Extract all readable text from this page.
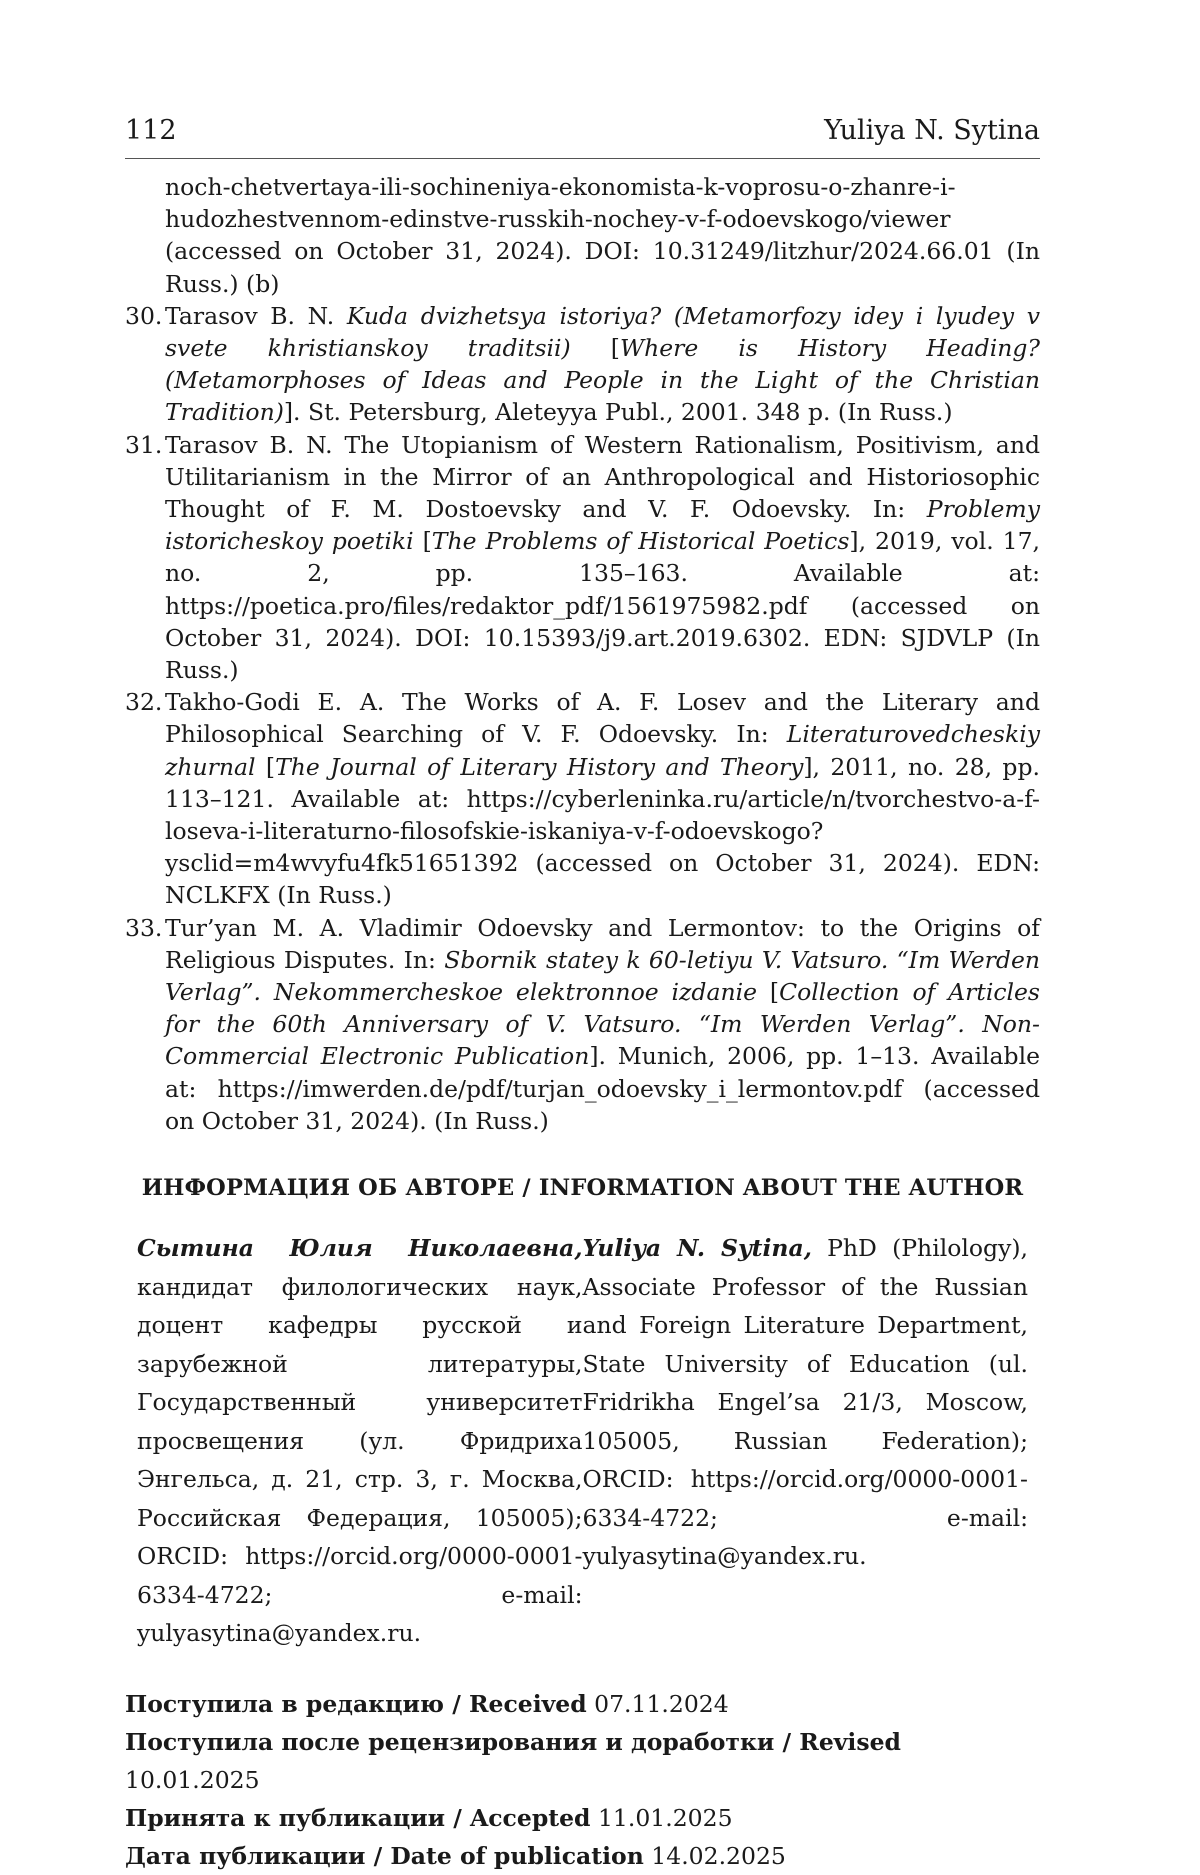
112	Yuliya N. Sytina
noch-chetvertaya-ili-sochineniya-ekonomista-k-voprosu-o-zhanre-i-hudozhestvennom-edinstve-russkih-nochey-v-f-odoevskogo/viewer (accessed on October 31, 2024). DOI: 10.31249/litzhur/2024.66.01 (In Russ.) (b)
30. Tarasov B. N. Kuda dvizhetsya istoriya? (Metamorfozy idey i lyudey v svete khristianskoy traditsii) [Where is History Heading? (Metamorphoses of Ideas and People in the Light of the Christian Tradition)]. St. Petersburg, Aleteyya Publ., 2001. 348 p. (In Russ.)
31. Tarasov B. N. The Utopianism of Western Rationalism, Positivism, and Utilitarianism in the Mirror of an Anthropological and Historiosophic Thought of F. M. Dostoevsky and V. F. Odoevsky. In: Problemy istoricheskoy poetiki [The Problems of Historical Poetics], 2019, vol. 17, no. 2, pp. 135–163. Available at: https://poetica.pro/files/redaktor_pdf/1561975982.pdf (accessed on October 31, 2024). DOI: 10.15393/j9.art.2019.6302. EDN: SJDVLP (In Russ.)
32. Takho-Godi E. A. The Works of A. F. Losev and the Literary and Philosophical Searching of V. F. Odoevsky. In: Literaturovedcheskiy zhurnal [The Journal of Literary History and Theory], 2011, no. 28, pp. 113–121. Available at: https://cyberleninka.ru/article/n/tvorchestvo-a-f-loseva-i-literaturno-filosofskie-iskaniya-v-f-odoevskogo?ysclid=m4wvyfu4fk51651392 (accessed on October 31, 2024). EDN: NCLKFX (In Russ.)
33. Tur’yan M. A. Vladimir Odoevsky and Lermontov: to the Origins of Religious Disputes. In: Sbornik statey k 60-letiyu V. Vatsuro. “Im Werden Verlag”. Nekommercheskoe elektronnoe izdanie [Collection of Articles for the 60th Anniversary of V. Vatsuro. “Im Werden Verlag”. Non-Commercial Electronic Publication]. Munich, 2006, pp. 1–13. Available at: https://imwerden.de/pdf/turjan_odoevsky_i_lermontov.pdf (accessed on October 31, 2024). (In Russ.)
ИНФОРМАЦИЯ ОБ АВТОРЕ / INFORMATION ABOUT THE AUTHOR
Сытина Юлия Николаевна, кандидат филологических наук, доцент кафедры русской и зарубежной литературы, Государственный университет просвещения (ул. Фридриха Энгельса, д. 21, стр. 3, г. Москва, Российская Федерация, 105005); ORCID: https://orcid.org/0000-0001-6334-4722; e-mail: yulyasytina@yandex.ru.
Yuliya N. Sytina, PhD (Philology), Associate Professor of the Russian and Foreign Literature Department, State University of Education (ul. Fridrikha Engel’sa 21/3, Moscow, 105005, Russian Federation); ORCID: https://orcid.org/0000-0001-6334-4722; e-mail: yulyasytina@yandex.ru.
Поступила в редакцию / Received 07.11.2024
Поступила после рецензирования и доработки / Revised 10.01.2025
Принята к публикации / Accepted 11.01.2025
Дата публикации / Date of publication 14.02.2025
